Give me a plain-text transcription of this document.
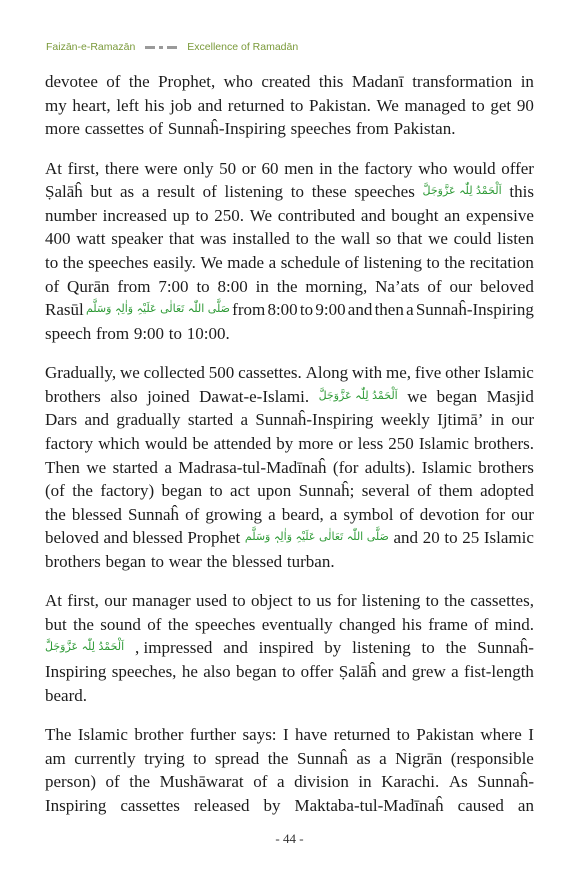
Faizān-e-Ramazān	Excellence of Ramadān
devotee of the Prophet, who created this Madanī transformation in
my heart, left his job and returned to Pakistan. We managed to get 90
more cassettes of Sunnaĥ-Inspiring speeches from Pakistan.
At first, there were only 50 or 60 men in the factory who would offer
Ṣalāĥ but as a result of listening to these speeches اَلْحَمْدُ لِلّٰہ عَزَّوَجَلَّ this
number increased up to 250. We contributed and bought an expensive
400 watt speaker that was installed to the wall so that we could listen
to the speeches easily. We made a schedule of listening to the recitation
of Qurān from 7:00 to 8:00 in the morning, Na’ats of our beloved
Rasūl صَلَّی اللّٰہ تَعَالٰی عَلَیْہِ وَاٰلِہٖ وَسَلَّم from 8:00 to 9:00 and then a Sunnaĥ-Inspiring
speech from 9:00 to 10:00.
Gradually, we collected 500 cassettes. Along with me, five other Islamic
brothers also joined Dawat-e-Islami. اَلْحَمْدُ لِلّٰہ عَزَّوَجَلَّ we began Masjid
Dars and gradually started a Sunnaĥ-Inspiring weekly Ijtimā’ in our
factory which would be attended by more or less 250 Islamic brothers.
Then we started a Madrasa-tul-Madīnaĥ (for adults). Islamic brothers
(of the factory) began to act upon Sunnaĥ; several of them adopted
the blessed Sunnaĥ of growing a beard, a symbol of devotion for our
beloved and blessed Prophet صَلَّی اللّٰہ تَعَالٰی عَلَیْہِ وَاٰلِہٖ وَسَلَّم and 20 to 25 Islamic
brothers began to wear the blessed turban.
At first, our manager used to object to us for listening to the cassettes,
but the sound of the speeches eventually changed his frame of mind.
اَلْحَمْدُ لِلّٰہ عَزَّوَجَلَّ , impressed and inspired by listening to the Sunnaĥ-
Inspiring speeches, he also began to offer Ṣalāĥ and grew a fist-length
beard.
The Islamic brother further says: I have returned to Pakistan where I
am currently trying to spread the Sunnaĥ as a Nigrān (responsible
person) of the Mushāwarat of a division in Karachi. As Sunnaĥ-
Inspiring cassettes released by Maktaba-tul-Madīnaĥ caused an
- 44 -
